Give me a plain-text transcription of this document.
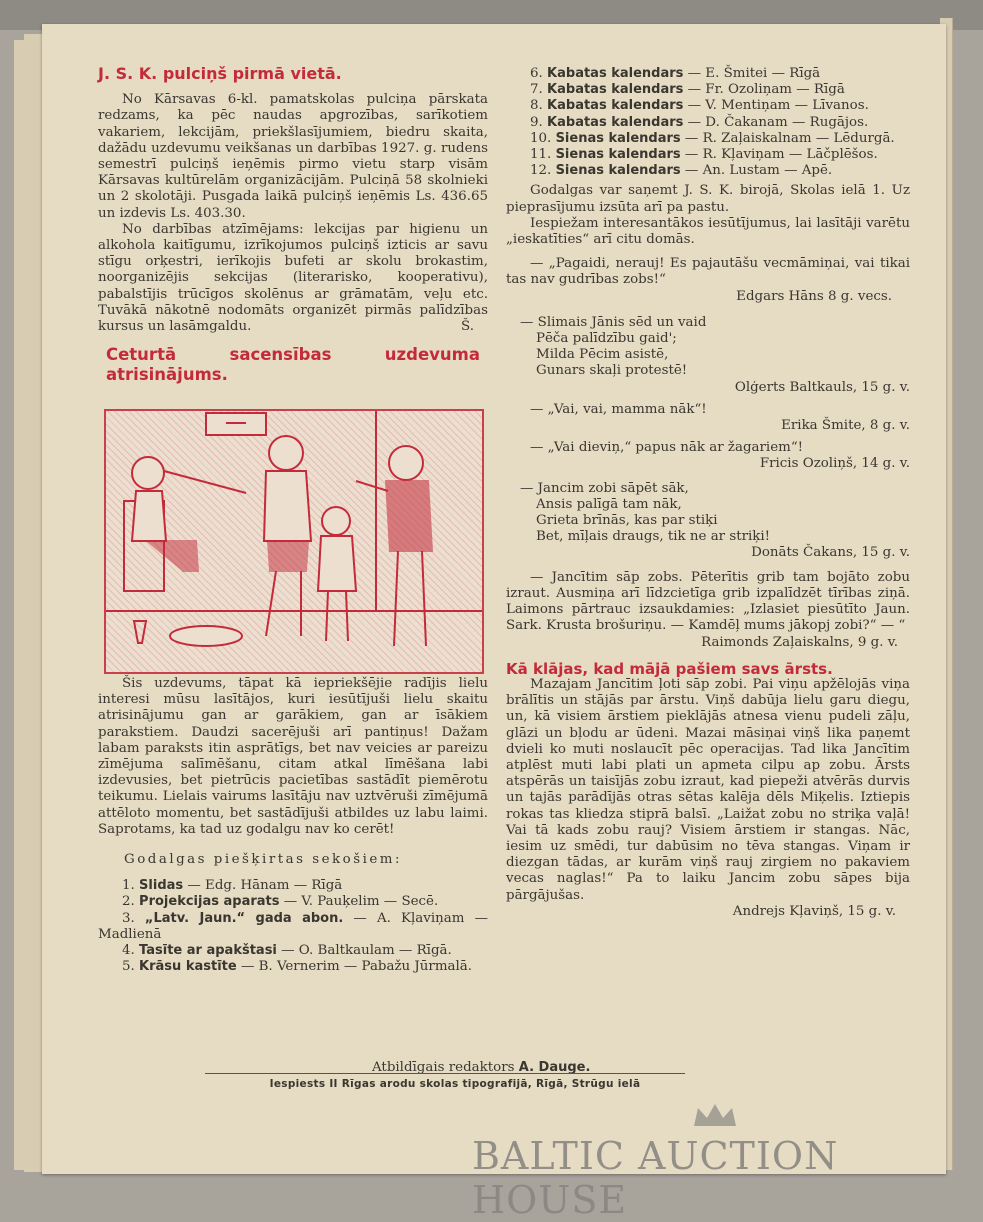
J. S. K. pulciņš pirmā vietā.

No Kārsavas 6-kl. pamatskolas pulciņa pārskata redzams, ka pēc naudas apgrozības, sarīkotiem vakariem, lekcijām, priekšlasījumiem, biedru skaita, dažādu uzdevumu veikšanas un darbības 1927. g. rudens semestrī pulciņš ieņēmis pirmo vietu starp visām Kārsavas kultūrelām organizācijām. Pulciņā 58 skolnieki un 2 skolotāji. Pusgada laikā pulciņš ieņēmis Ls. 436.65 un izdevis Ls. 403.30.

No darbības atzīmējams: lekcijas par higienu un alkohola kaitīgumu, izrīkojumos pulciņš izticis ar savu stīgu orķestri, ierīkojis bufeti ar skolu brokastim, noorganizējis sekcijas (literarisko, kooperativu), pabalstījis trūcīgos skolēnus ar grāmatām, veļu etc. Tuvākā nākotnē nodomāts organizēt pirmās palīdzības kursus un lasāmgaldu.	Š.

Ceturtā sacensības uzdevuma atrisinājums.

Šis uzdevums, tāpat kā iepriekšējie radījis lielu interesi mūsu lasītājos, kuri iesūtījuši lielu skaitu atrisinājumu gan ar garākiem, gan ar īsākiem parakstiem. Daudzi sacerējuši arī pantiņus! Dažam labam paraksts itin asprātīgs, bet nav veicies ar pareizu zīmējuma salīmēšanu, citam atkal līmēšana labi izdevusies, bet pietrūcis pacietības sastādīt piemērotu teikumu. Lielais vairums lasītāju nav uztvēruši zīmējumā attēloto momentu, bet sastādījuši atbildes uz labu laimi. Saprotams, ka tad uz godalgu nav ko cerēt!

Godalgas piešķirtas sekošiem:

1. Slidas — Edg. Hānam — Rīgā

2. Projekcijas aparats — V. Pauķelim — Secē.

3. „Latv. Jaun.“ gada abon. — A. Kļaviņam — Madlienā

4. Tasīte ar apakštasi — O. Baltkaulam — Rīgā.

5. Krāsu kastīte — B. Vernerim — Pabažu Jūrmalā.

6. Kabatas kalendars — E. Šmitei — Rīgā

7. Kabatas kalendars — Fr. Ozoliņam — Rīgā

8. Kabatas kalendars — V. Mentiņam — Līvanos.

9. Kabatas kalendars — D. Čakanam — Rugājos.

10. Sienas kalendars — R. Zaļaiskalnam — Lēdurgā.

11. Sienas kalendars — R. Kļaviņam — Lāčplēšos.

12. Sienas kalendars — An. Lustam — Apē.

Godalgas var saņemt J. S. K. birojā, Skolas ielā 1. Uz pieprasījumu izsūta arī pa pastu.

Iespiežam interesantākos iesūtījumus, lai lasītāji varētu „ieskatīties“ arī citu domās.

— „Pagaidi, nerauj! Es pajautāšu vecmāmiņai, vai tikai tas nav gudrības zobs!“

Edgars Hāns 8 g. vecs.

— Slimais Jānis sēd un vaid

Pēča palīdzību gaid';

Milda Pēcim asistē,

Gunars skaļi protestē!

Olģerts Baltkauls, 15 g. v.

— „Vai, vai, mamma nāk“!

Erika Šmite, 8 g. v.

— „Vai dieviņ,“ papus nāk ar žagariem“!

Fricis Ozoliņš, 14 g. v.

— Jancim zobi sāpēt sāk,

Ansis palīgā tam nāk,

Grieta brīnās, kas par stiķi

Bet, mīļais draugs, tik ne ar striķi!

Donāts Čakans, 15 g. v.

— Jancītim sāp zobs. Pēterītis grib tam bojāto zobu izraut. Ausmiņa arī līdzcietīga grib izpalīdzēt tīrības ziņā. Laimons pārtrauc izsaukdamies: „Izlasiet piesūtīto Jaun. Sark. Krusta brošuriņu. — Kamdēļ mums jākopj zobi?“ — “

Raimonds Zaļaiskalns, 9 g. v.

Kā klājas, kad mājā pašiem savs ārsts.

Mazajam Jancītim ļoti sāp zobi. Pai viņu apžēlojās viņa brālītis un stājās par ārstu. Viņš dabūja lielu garu diegu, un, kā visiem ārstiem pieklājās atnesa vienu pudeli zāļu, glāzi un bļodu ar ūdeni. Mazai māsiņai viņš lika paņemt dvieli ko muti noslaucīt pēc operacijas. Tad lika Jancītim atplēst muti labi plati un apmeta cilpu ap zobu. Ārsts atspērās un taisījās zobu izraut, kad piepeži atvērās durvis un tajās parādījās otras sētas kalēja dēls Miķelis. Iztiepis rokas tas kliedza stiprā balsī. „Laižat zobu no striķa vaļā! Vai tā kads zobu rauj? Visiem ārstiem ir stangas. Nāc, iesim uz smēdi, tur dabūsim no tēva stangas. Viņam ir diezgan tādas, ar kurām viņš rauj zirgiem no pakaviem vecas naglas!“ Pa to laiku Jancim zobu sāpes bija pārgājušas.

Andrejs Kļaviņš, 15 g. v.

Atbildīgais redaktors A. Dauge.
Iespiests II Rīgas arodu skolas tipografijā, Rīgā, Strūgu ielā
BALTIC AUCTION HOUSE
